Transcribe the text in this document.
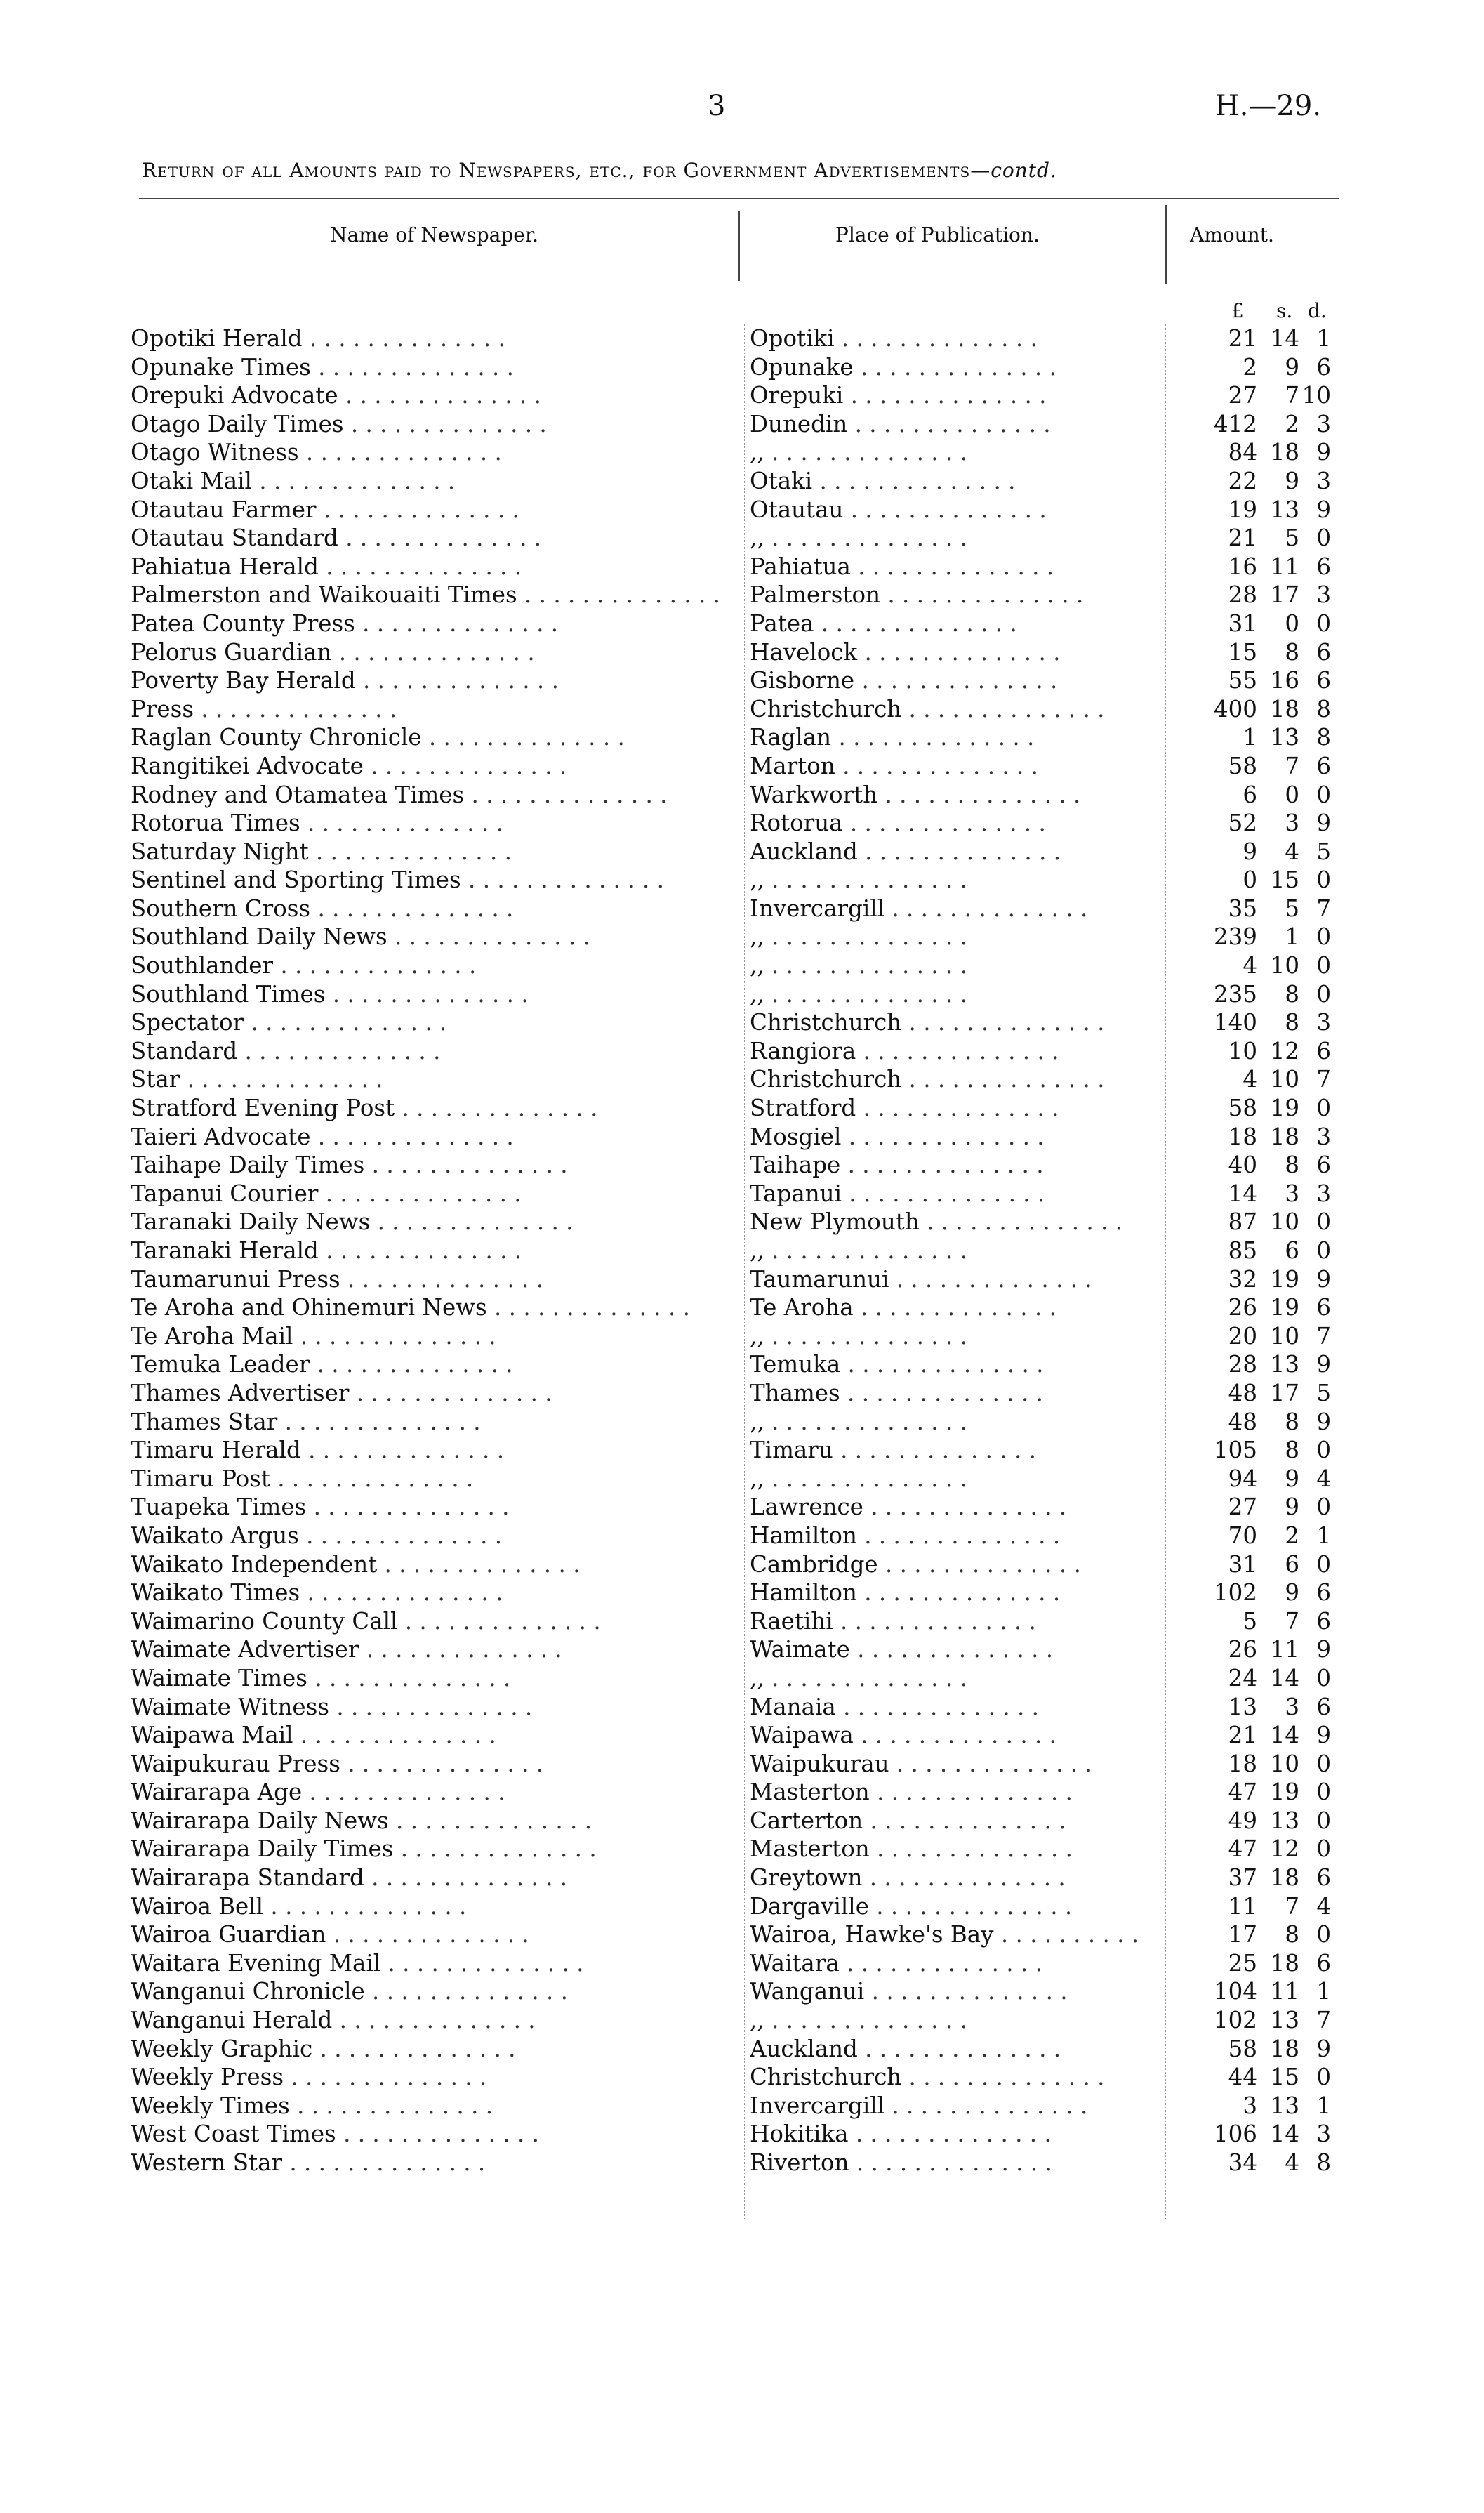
3	H.—29.
Return of all Amounts paid to Newspapers, etc., for Government Advertisements—contd.
Name of Newspaper.	Place of Publication.	Amount.
£ s. d.
Opotiki Herald . .	Opotiki . .	21 14 1
Opunake Times . .	Opunake . .	2 9 6
Orepuki Advocate . .	Orepuki . .	27 7 10
Otago Daily Times . .	Dunedin . .	412 2 3
Otago Witness . .	,, . .	84 18 9
Otaki Mail . .	Otaki . .	22 9 3
Otautau Farmer . .	Otautau . .	19 13 9
Otautau Standard . .	,, . .	21 5 0
Pahiatua Herald . .	Pahiatua . .	16 11 6
Palmerston and Waikouaiti Times . .	Palmerston . .	28 17 3
Patea County Press . .	Patea . .	31 0 0
Pelorus Guardian . .	Havelock . .	15 8 6
Poverty Bay Herald . .	Gisborne . .	55 16 6
Press . .	Christchurch . .	400 18 8
Raglan County Chronicle . .	Raglan . .	1 13 8
Rangitikei Advocate . .	Marton . .	58 7 6
Rodney and Otamatea Times . .	Warkworth . .	6 0 0
Rotorua Times . .	Rotorua . .	52 3 9
Saturday Night . .	Auckland . .	9 4 5
Sentinel and Sporting Times . .	,, . .	0 15 0
Southern Cross . .	Invercargill . .	35 5 7
Southland Daily News . .	,, . .	239 1 0
Southlander . .	,, . .	4 10 0
Southland Times . .	,, . .	235 8 0
Spectator . .	Christchurch . .	140 8 3
Standard . .	Rangiora . .	10 12 6
Star . .	Christchurch . .	4 10 7
Stratford Evening Post . .	Stratford . .	58 19 0
Taieri Advocate . .	Mosgiel . .	18 18 3
Taihape Daily Times . .	Taihape . .	40 8 6
Tapanui Courier . .	Tapanui . .	14 3 3
Taranaki Daily News . .	New Plymouth . .	87 10 0
Taranaki Herald . .	,, . .	85 6 0
Taumarunui Press . .	Taumarunui . .	32 19 9
Te Aroha and Ohinemuri News . .	Te Aroha . .	26 19 6
Te Aroha Mail . .	,, . .	20 10 7
Temuka Leader . .	Temuka . .	28 13 9
Thames Advertiser . .	Thames . .	48 17 5
Thames Star . .	,, . .	48 8 9
Timaru Herald . .	Timaru . .	105 8 0
Timaru Post . .	,, . .	94 9 4
Tuapeka Times . .	Lawrence . .	27 9 0
Waikato Argus . .	Hamilton . .	70 2 1
Waikato Independent . .	Cambridge . .	31 6 0
Waikato Times . .	Hamilton . .	102 9 6
Waimarino County Call . .	Raetihi . .	5 7 6
Waimate Advertiser . .	Waimate . .	26 11 9
Waimate Times . .	,, . .	24 14 0
Waimate Witness . .	Manaia . .	13 3 6
Waipawa Mail . .	Waipawa . .	21 14 9
Waipukurau Press . .	Waipukurau . .	18 10 0
Wairarapa Age . .	Masterton . .	47 19 0
Wairarapa Daily News . .	Carterton . .	49 13 0
Wairarapa Daily Times . .	Masterton . .	47 12 0
Wairarapa Standard . .	Greytown . .	37 18 6
Wairoa Bell . .	Dargaville . .	11 7 4
Wairoa Guardian . .	Wairoa, Hawke's Bay . .	17 8 0
Waitara Evening Mail . .	Waitara . .	25 18 6
Wanganui Chronicle . .	Wanganui . .	104 11 1
Wanganui Herald . .	,, . .	102 13 7
Weekly Graphic . .	Auckland . .	58 18 9
Weekly Press . .	Christchurch . .	44 15 0
Weekly Times . .	Invercargill . .	3 13 1
West Coast Times . .	Hokitika . .	106 14 3
Western Star . .	Riverton . .	34 4 8
